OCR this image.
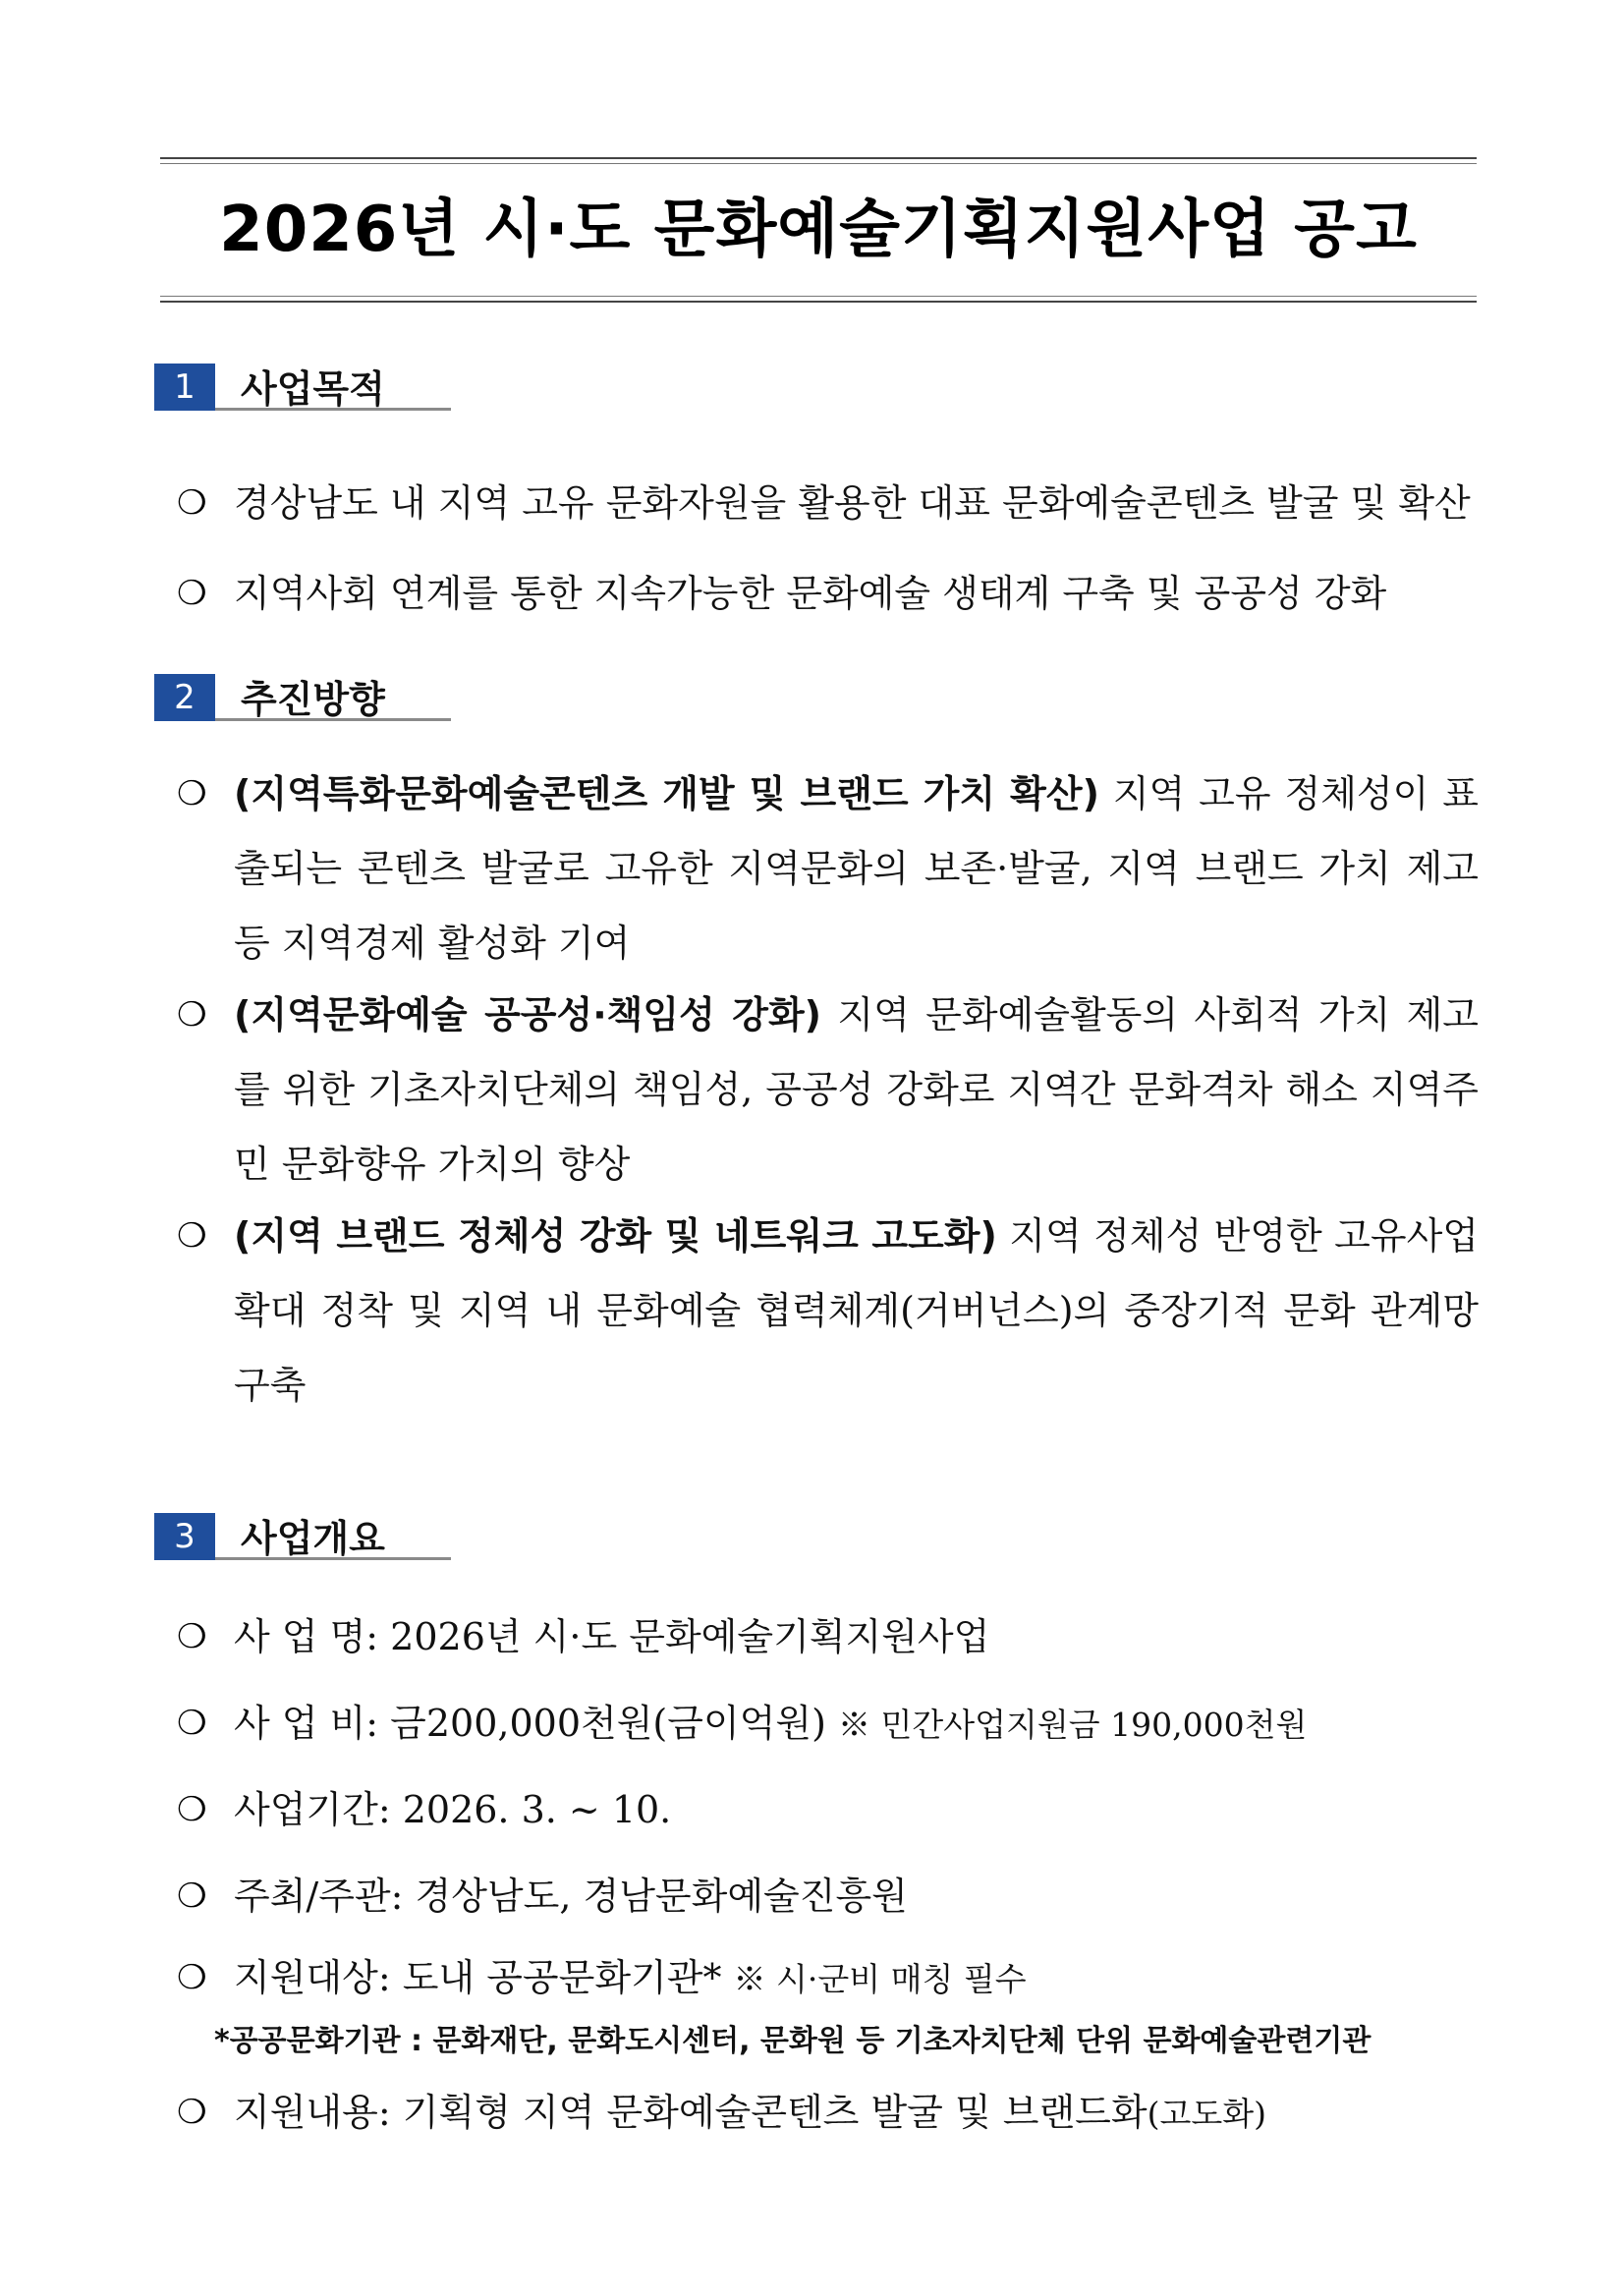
2026년 시·도 문화예술기획지원사업 공고
1	사업목적
❍ 경상남도 내 지역 고유 문화자원을 활용한 대표 문화예술콘텐츠 발굴 및 확산
❍ 지역사회 연계를 통한 지속가능한 문화예술 생태계 구축 및 공공성 강화
2	추진방향
❍ (지역특화문화예술콘텐츠 개발 및 브랜드 가치 확산) 지역 고유 정체성이 표출되는 콘텐츠 발굴로 고유한 지역문화의 보존·발굴, 지역 브랜드 가치 제고 등 지역경제 활성화 기여
❍ (지역문화예술 공공성·책임성 강화) 지역 문화예술활동의 사회적 가치 제고를 위한 기초자치단체의 책임성, 공공성 강화로 지역간 문화격차 해소 지역주민 문화향유 가치의 향상
❍ (지역 브랜드 정체성 강화 및 네트워크 고도화) 지역 정체성 반영한 고유사업 확대 정착 및 지역 내 문화예술 협력체계(거버넌스)의 중장기적 문화 관계망 구축
3	사업개요
❍ 사 업 명: 2026년 시·도 문화예술기획지원사업
❍ 사 업 비: 금200,000천원(금이억원) ※ 민간사업지원금 190,000천원
❍ 사업기간: 2026. 3. ~ 10.
❍ 주최/주관: 경상남도, 경남문화예술진흥원
❍ 지원대상: 도내 공공문화기관* ※ 시·군비 매칭 필수
*공공문화기관 : 문화재단, 문화도시센터, 문화원 등 기초자치단체 단위 문화예술관련기관
❍ 지원내용: 기획형 지역 문화예술콘텐츠 발굴 및 브랜드화(고도화)
